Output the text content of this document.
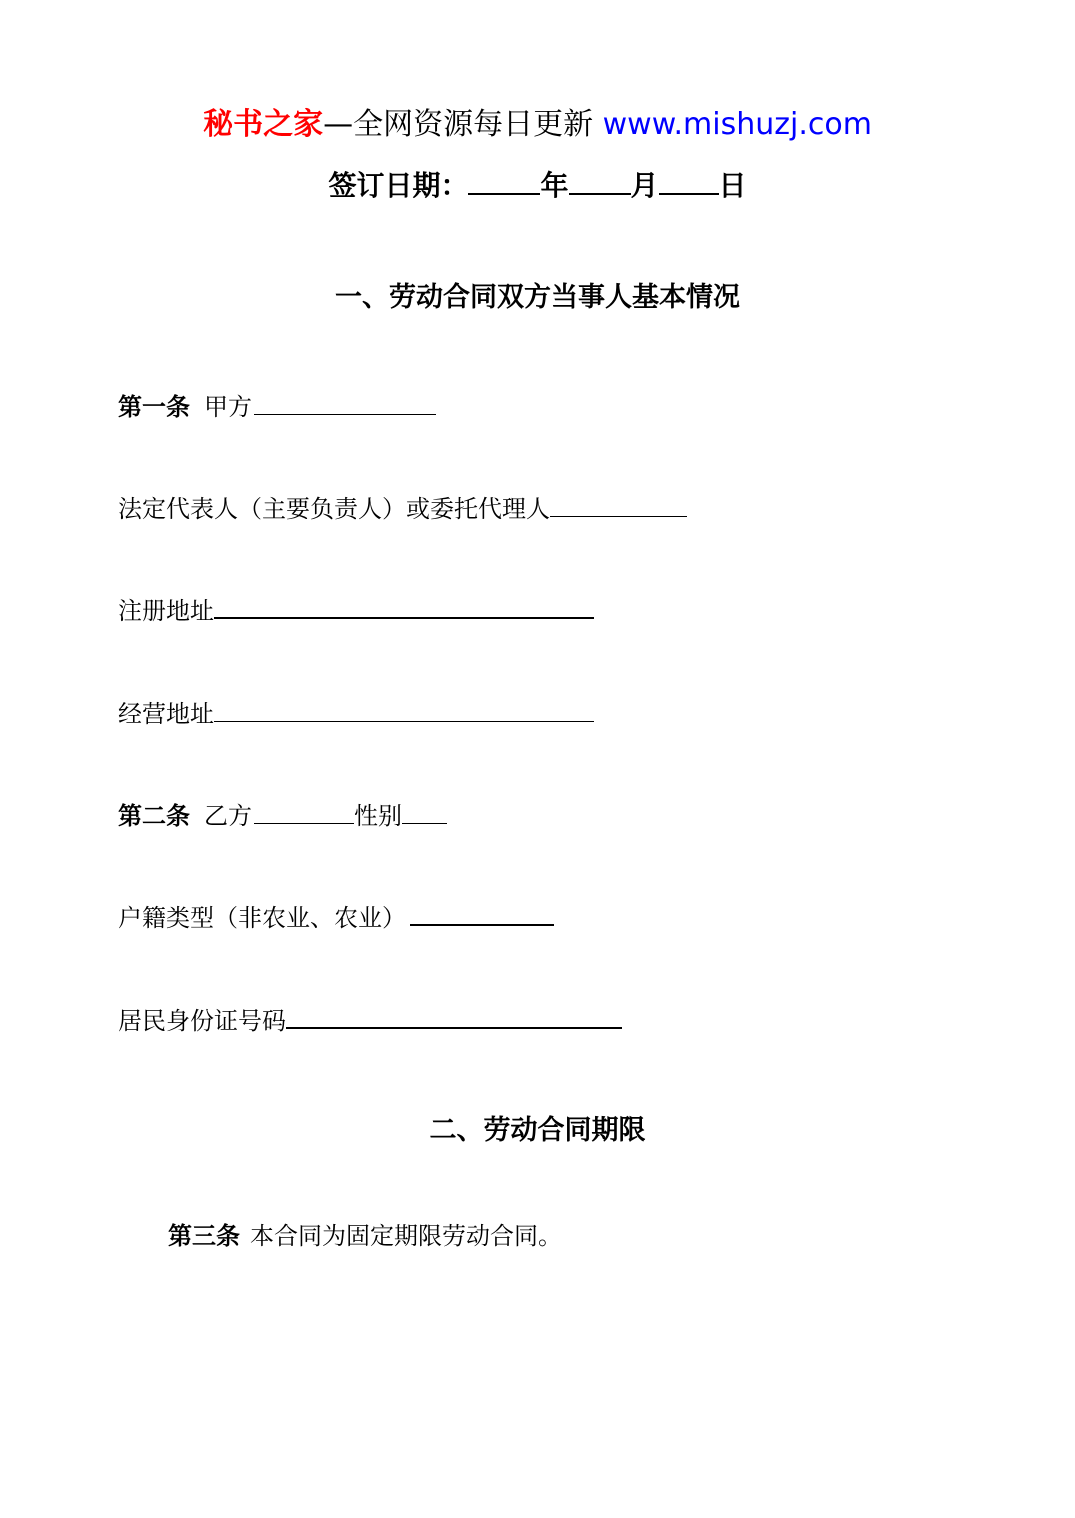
秘书之家—全网资源每日更新 www.mishuzj.com
签订日期：	年 月 日
一、劳动合同双方当事人基本情况
第一条 甲方
法定代表人（主要负责人）或委托代理人
注册地址
经营地址
第二条 乙方	性别
户籍类型（非农业、农业）
居民身份证号码
二、劳动合同期限
第三条 本合同为固定期限劳动合同。
